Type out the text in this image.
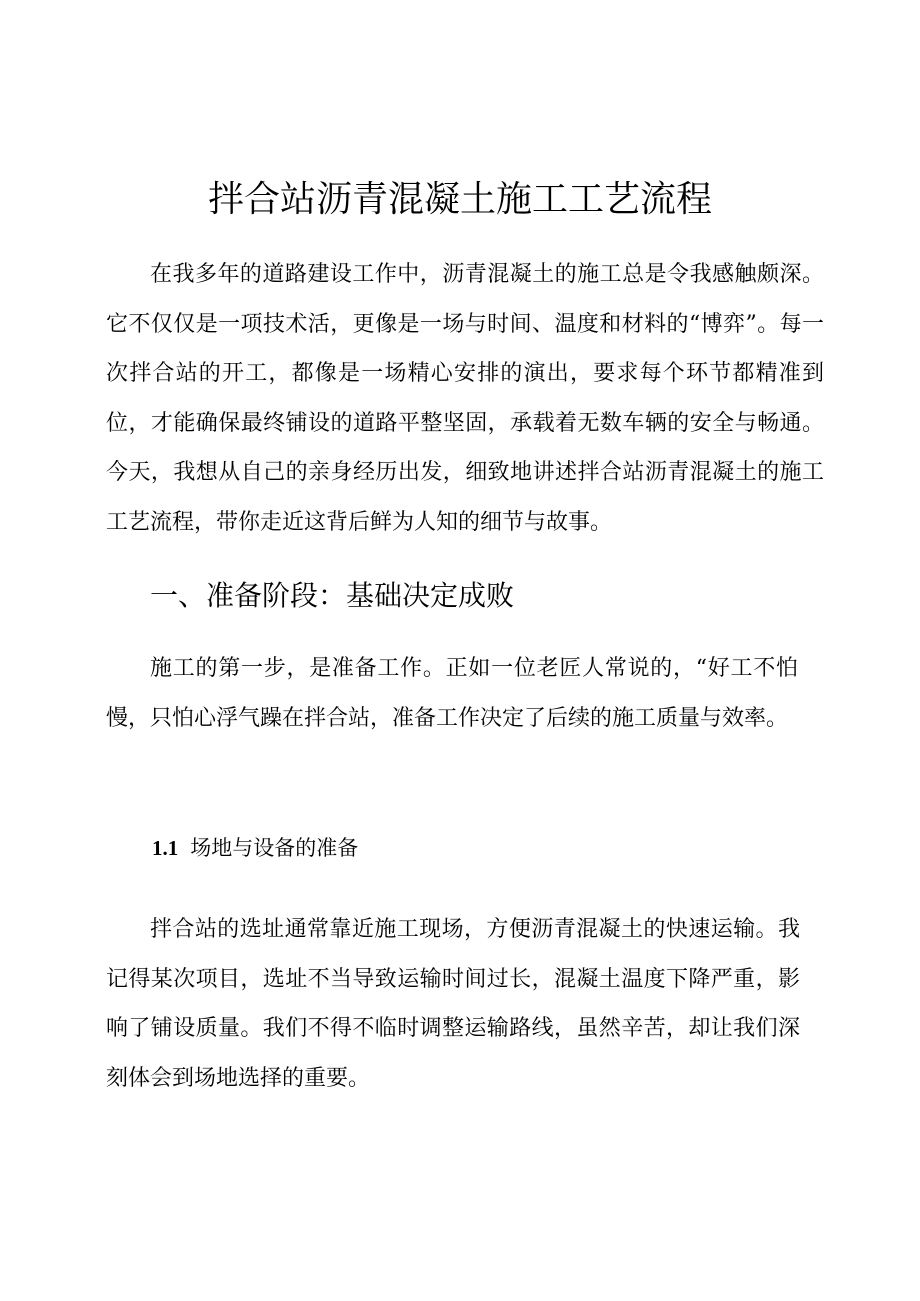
拌合站沥青混凝土施工工艺流程

在我多年的道路建设工作中，沥青混凝土的施工总是令我感触颇深。它不仅仅是一项技术活，更像是一场与时间、温度和材料的“博弈”。每一次拌合站的开工，都像是一场精心安排的演出，要求每个环节都精准到位，才能确保最终铺设的道路平整坚固，承载着无数车辆的安全与畅通。今天，我想从自己的亲身经历出发，细致地讲述拌合站沥青混凝土的施工工艺流程，带你走近这背后鲜为人知的细节与故事。

一、准备阶段：基础决定成败

施工的第一步，是准备工作。正如一位老匠人常说的，“好工不怕慢，只怕心浮气躁在拌合站，准备工作决定了后续的施工质量与效率。

1.1 场地与设备的准备

拌合站的选址通常靠近施工现场，方便沥青混凝土的快速运输。我记得某次项目，选址不当导致运输时间过长，混凝土温度下降严重，影响了铺设质量。我们不得不临时调整运输路线，虽然辛苦，却让我们深刻体会到场地选择的重要。
